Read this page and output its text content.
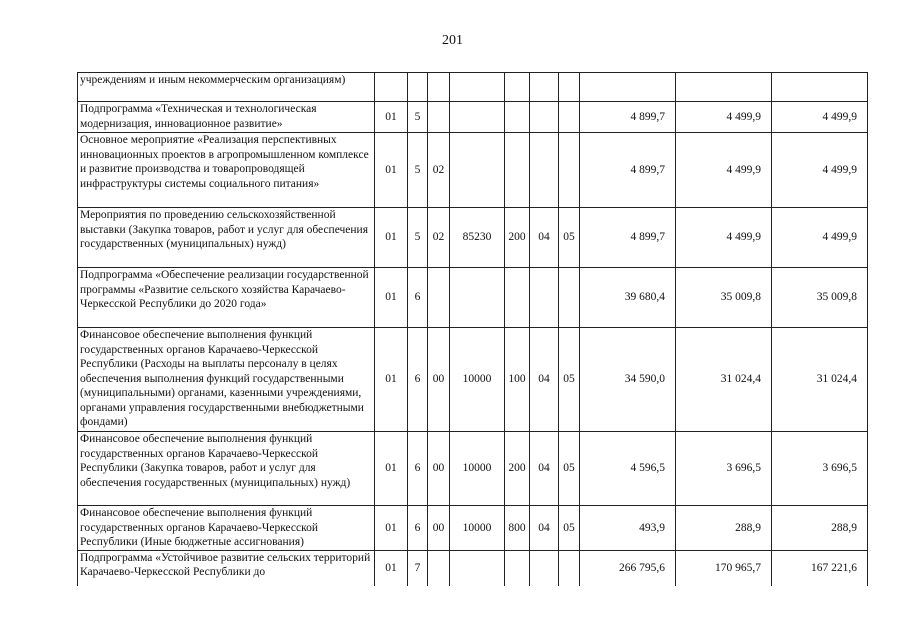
201
учреждениям и иным некоммерческим организациям)										
Подпрограмма «Техническая и технологическая модернизация, инновационное развитие»	01	5						4 899,7	4 499,9	4 499,9
Основное мероприятие «Реализация перспективных инновационных проектов в агропромышленном комплексе и развитие производства и товаропроводящей инфраструктуры системы социального питания»	01	5	02					4 899,7	4 499,9	4 499,9
Мероприятия по проведению сельскохозяйственной выставки (Закупка товаров, работ и услуг для обеспечения государственных (муниципальных) нужд)	01	5	02	85230	200	04	05	4 899,7	4 499,9	4 499,9
Подпрограмма «Обеспечение реализации государственной программы «Развитие сельского хозяйства Карачаево-Черкесской Республики до 2020 года»	01	6						39 680,4	35 009,8	35 009,8
Финансовое обеспечение выполнения функций государственных органов Карачаево-Черкесской Республики (Расходы на выплаты персоналу в целях обеспечения выполнения функций государственными (муниципальными) органами, казенными учреждениями, органами управления государственными внебюджетными фондами)	01	6	00	10000	100	04	05	34 590,0	31 024,4	31 024,4
Финансовое обеспечение выполнения функций государственных органов Карачаево-Черкесской Республики (Закупка товаров, работ и услуг для обеспечения государственных (муниципальных) нужд)	01	6	00	10000	200	04	05	4 596,5	3 696,5	3 696,5
Финансовое обеспечение выполнения функций государственных органов Карачаево-Черкесской Республики (Иные бюджетные ассигнования)	01	6	00	10000	800	04	05	493,9	288,9	288,9
Подпрограмма «Устойчивое развитие сельских территорий Карачаево-Черкесской Республики до	01	7						266 795,6	170 965,7	167 221,6
